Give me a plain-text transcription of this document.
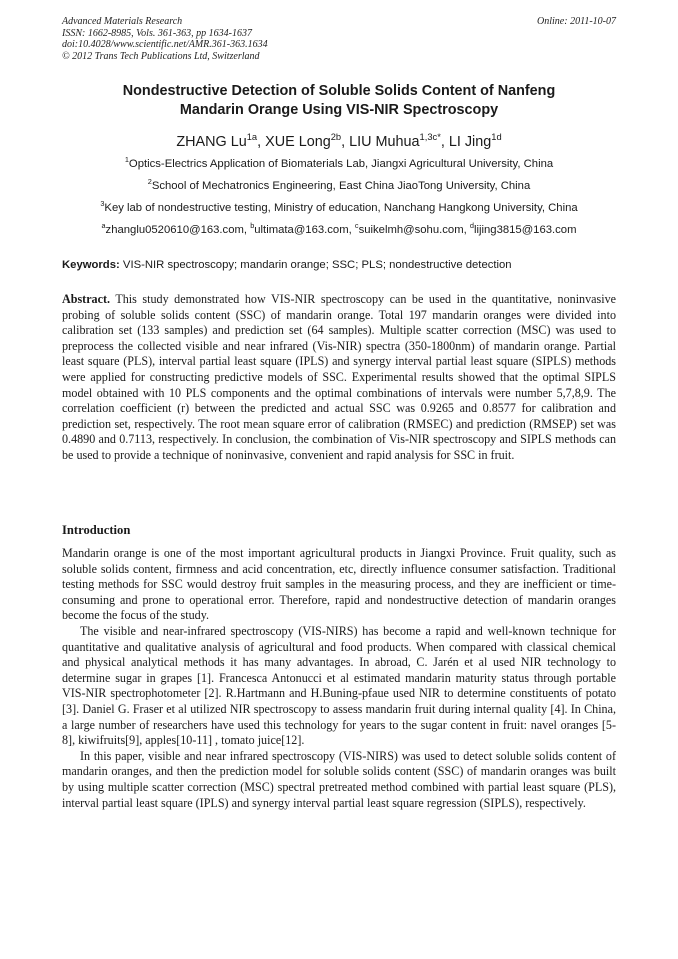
Advanced Materials Research
ISSN: 1662-8985, Vols. 361-363, pp 1634-1637
doi:10.4028/www.scientific.net/AMR.361-363.1634
© 2012 Trans Tech Publications Ltd, Switzerland
Online: 2011-10-07
Nondestructive Detection of Soluble Solids Content of Nanfeng
Mandarin Orange Using VIS-NIR Spectroscopy
ZHANG $Lu^{1a}$, XUE Long$^{2b}$, LIU Muhua$^{1,3c*}$, LI Jing$^{1d}$
$^1$Optics-Electrics Application of Biomaterials Lab, Jiangxi Agricultural University, China
$^2$School of Mechatronics Engineering, East China JiaoTong University, China
$^3$Key lab of nondestructive testing, Ministry of education, Nanchang Hangkong University, China
$^a$zhanglu0520610@163.com, $^b$ultimata@163.com, $^c$suikelmh@sohu.com, $^d$lijing3815@163.com
Keywords: VIS-NIR spectroscopy; mandarin orange; SSC; PLS; nondestructive detection
Abstract. This study demonstrated how VIS-NIR spectroscopy can be used in the quantitative, noninvasive probing of soluble solids content (SSC) of mandarin orange. Total 197 mandarin oranges were divided into calibration set (133 samples) and prediction set (64 samples). Multiple scatter correction (MSC) was used to preprocess the collected visible and near infrared (Vis-NIR) spectra (350-1800nm) of mandarin orange. Partial least square (PLS), interval partial least square (IPLS) and synergy interval partial least square (SIPLS) methods were applied for constructing predictive models of SSC. Experimental results showed that the optimal SIPLS model obtained with 10 PLS components and the optimal combinations of intervals were number 5,7,8,9. The correlation coefficient (r) between the predicted and actual SSC was 0.9265 and 0.8577 for calibration and prediction set, respectively. The root mean square error of calibration (RMSEC) and prediction (RMSEP) set was 0.4890 and 0.7113, respectively. In conclusion, the combination of Vis-NIR spectroscopy and SIPLS methods can be used to provide a technique of noninvasive, convenient and rapid analysis for SSC in fruit.
Introduction

Mandarin orange is one of the most important agricultural products in Jiangxi Province. Fruit quality, such as soluble solids content, firmness and acid concentration, etc, directly influence consumer satisfaction. Traditional testing methods for SSC would destroy fruit samples in the measuring process, and they are inefficient or time-consuming and prone to operational error. Therefore, rapid and nondestructive detection of mandarin oranges become the focus of the study.

The visible and near-infrared spectroscopy (VIS-NIRS) has become a rapid and well-known technique for quantitative and qualitative analysis of agricultural and food products. When compared with classical chemical and physical analytical methods it has many advantages. In abroad, C. Jarén et al used NIR technology to determine sugar in grapes [1]. Francesca Antonucci et al estimated mandarin maturity status through portable VIS-NIR spectrophotometer [2]. R.Hartmann and H.Buning-pfaue used NIR to determine constituents of potato [3]. Daniel G. Fraser et al utilized NIR spectroscopy to assess mandarin fruit during internal quality [4]. In China, a large number of researchers have used this technology for years to the sugar content in fruit: navel oranges [5-8], kiwifruits[9], apples[10-11] , tomato juice[12].

In this paper, visible and near infrared spectroscopy (VIS-NIRS) was used to detect soluble solids content of mandarin oranges, and then the prediction model for soluble solids content (SSC) of mandarin oranges was built by using multiple scatter correction (MSC) spectral pretreated method combined with partial least square (PLS), interval partial least square (IPLS) and synergy interval partial least square regression (SIPLS), respectively.
